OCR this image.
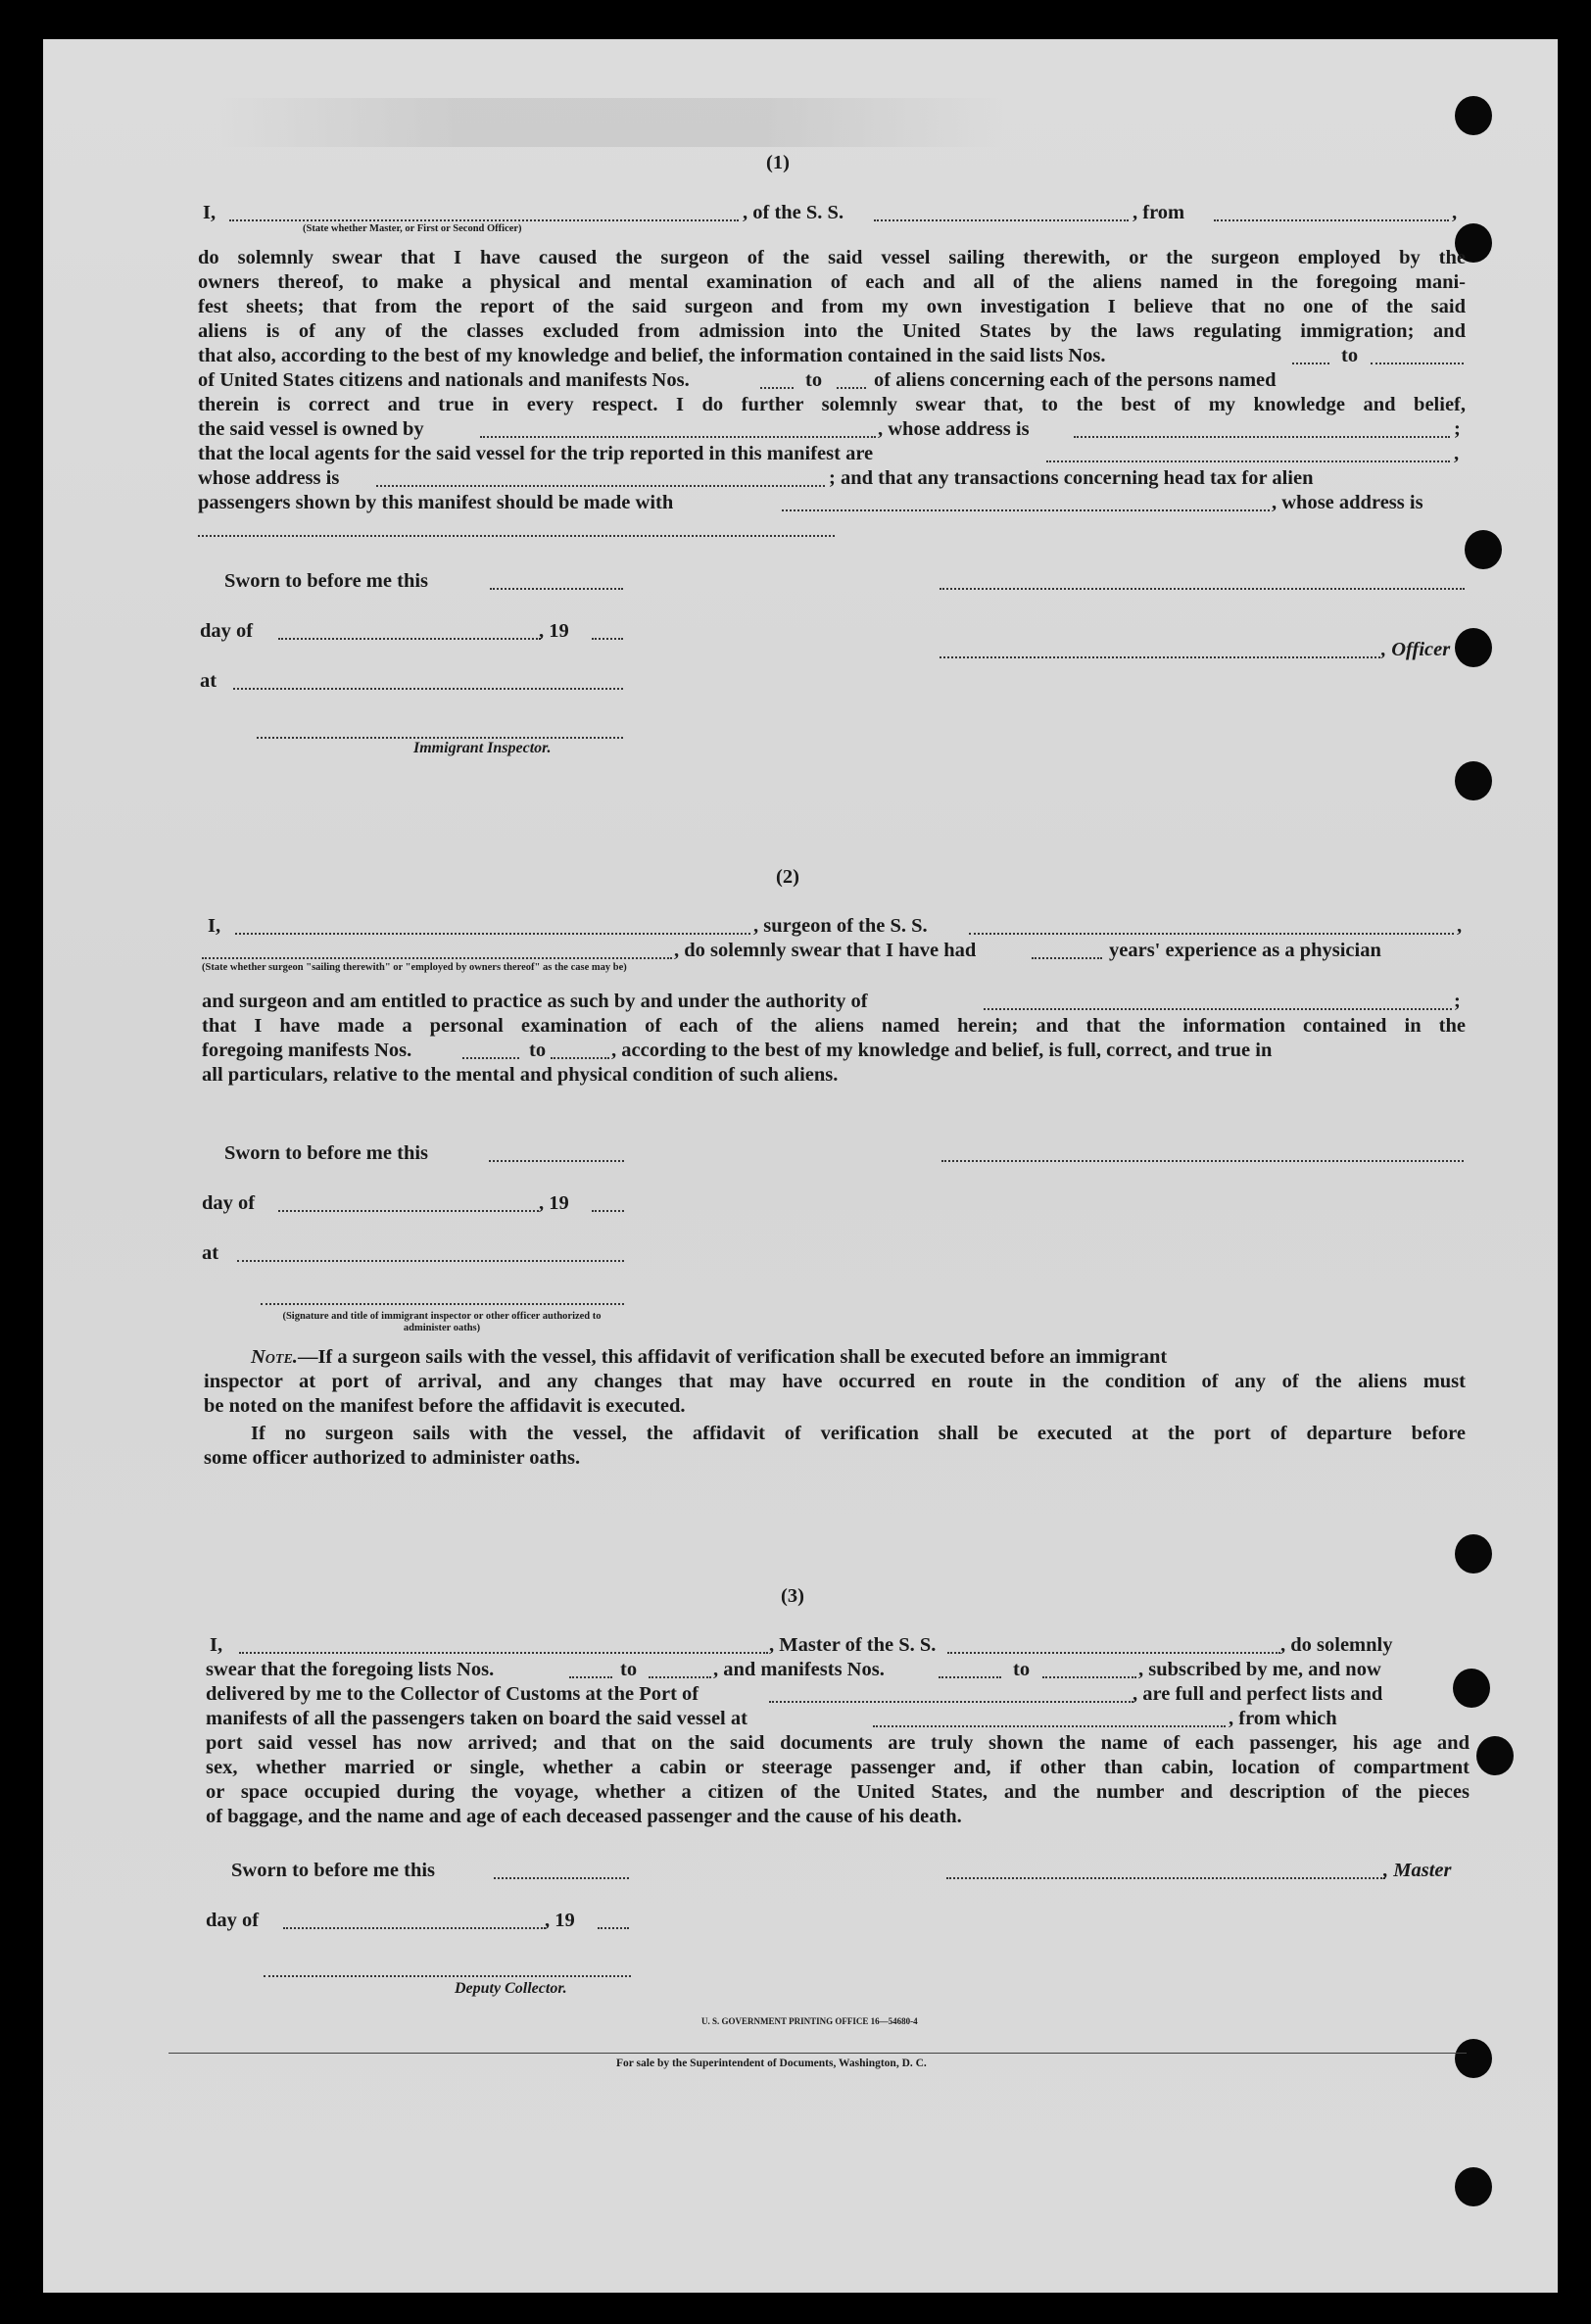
(1)
I,	, of the S. S.	, from	,
(State whether Master, or First or Second Officer)
do solemnly swear that I have caused the surgeon of the said vessel sailing therewith, or the surgeon employed by the
owners thereof, to make a physical and mental examination of each and all of the aliens named in the foregoing mani-
fest sheets; that from the report of the said surgeon and from my own investigation I believe that no one of the said
aliens is of any of the classes excluded from admission into the United States by the laws regulating immigration; and
that also, according to the best of my knowledge and belief, the information contained in the said lists Nos.	to
of United States citizens and nationals and manifests Nos.	to	of aliens concerning each of the persons named
therein is correct and true in every respect. I do further solemnly swear that, to the best of my knowledge and belief,
the said vessel is owned by	, whose address is	;
that the local agents for the said vessel for the trip reported in this manifest are	,
whose address is	; and that any transactions concerning head tax for alien
passengers shown by this manifest should be made with	, whose address is
Sworn to before me this
day of	, 19
, Officer
at
Immigrant Inspector.
(2)
I,	, surgeon of the S. S.	,
, do solemnly swear that I have had	years' experience as a physician
(State whether surgeon "sailing therewith" or "employed by owners thereof" as the case may be)
and surgeon and am entitled to practice as such by and under the authority of	;
that I have made a personal examination of each of the aliens named herein; and that the information contained in the
foregoing manifests Nos.	to	, according to the best of my knowledge and belief, is full, correct, and true in
all particulars, relative to the mental and physical condition of such aliens.
Sworn to before me this
day of	, 19
at
(Signature and title of immigrant inspector or other officer authorized to administer oaths)
Note.—If a surgeon sails with the vessel, this affidavit of verification shall be executed before an immigrant
inspector at port of arrival, and any changes that may have occurred en route in the condition of any of the aliens must
be noted on the manifest before the affidavit is executed.
If no surgeon sails with the vessel, the affidavit of verification shall be executed at the port of departure before
some officer authorized to administer oaths.
(3)
I,	, Master of the S. S.	, do solemnly
swear that the foregoing lists Nos.	to	, and manifests Nos.	to	, subscribed by me, and now
delivered by me to the Collector of Customs at the Port of	, are full and perfect lists and
manifests of all the passengers taken on board the said vessel at	, from which
port said vessel has now arrived; and that on the said documents are truly shown the name of each passenger, his age and
sex, whether married or single, whether a cabin or steerage passenger and, if other than cabin, location of compartment
or space occupied during the voyage, whether a citizen of the United States, and the number and description of the pieces
of baggage, and the name and age of each deceased passenger and the cause of his death.
Sworn to before me this	, Master
day of	, 19
Deputy Collector.
U. S. GOVERNMENT PRINTING OFFICE 16—54680-4
For sale by the Superintendent of Documents, Washington, D. C.
